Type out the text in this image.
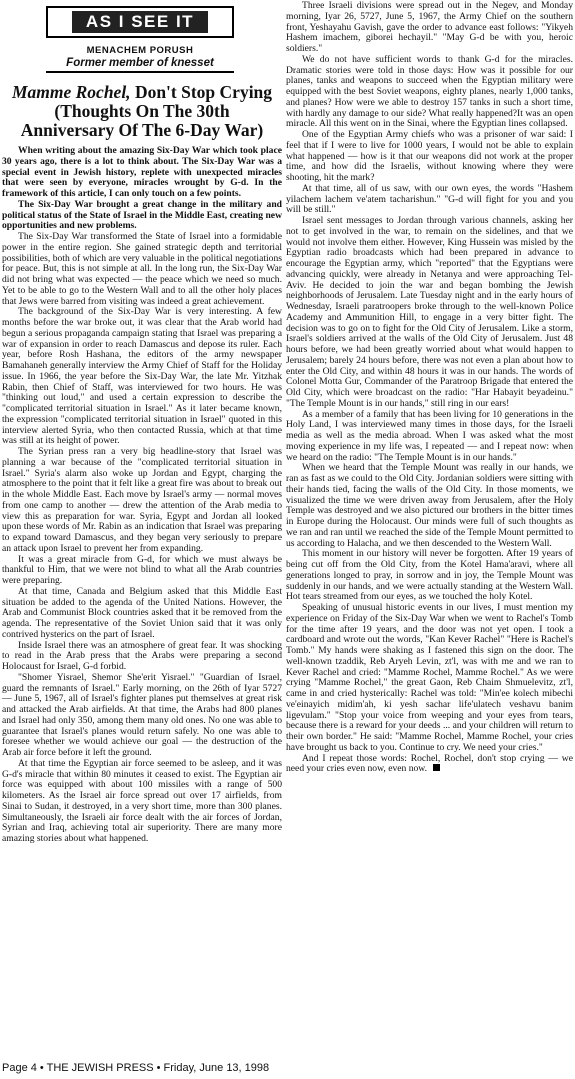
AS I SEE IT
MENACHEM PORUSH
Former member of knesset
Mamme Rochel, Don't Stop Crying
(Thoughts On The 30th
Anniversary Of The 6-Day War)

When writing about the amazing Six-Day War which took place 30 years ago, there is a lot to think about. The Six-Day War was a special event in Jewish history, replete with unexpected miracles that were seen by everyone, miracles wrought by G-d. In the framework of this article, I can only touch on a few points.

The Six-Day War brought a great change in the military and political status of the State of Israel in the Middle East, creating new opportunities and new problems.

The Six-Day War transformed the State of Israel into a formidable power in the entire region. She gained strategic depth and territorial possibilities, both of which are very valuable in the political negotiations for peace. But, this is not simple at all. In the long run, the Six-Day War did not bring what was expected — the peace which we need so much. Yet to be able to go to the Western Wall and to all the other holy places that Jews were barred from visiting was indeed a great achievement.

The background of the Six-Day War is very interesting. A few months before the war broke out, it was clear that the Arab world had begun a serious propaganda campaign stating that Israel was preparing a war of expansion in order to reach Damascus and depose its ruler. Each year, before Rosh Hashana, the editors of the army newspaper Bamahaneh generally interview the Army Chief of Staff for the Holiday issue. In 1966, the year before the Six-Day War, the late Mr. Yitzhak Rabin, then Chief of Staff, was interviewed for two hours. He was "thinking out loud," and used a certain expression to describe the "complicated territorial situation in Israel." As it later became known, the expression "complicated territorial situation in Israel" quoted in this interview alerted Syria, who then contacted Russia, which at that time was still at its height of power.

The Syrian press ran a very big headline-story that Israel was planning a war because of the "complicated territorial situation in Israel." Syria's alarm also woke up Jordan and Egypt, charging the atmosphere to the point that it felt like a great fire was about to break out in the whole Middle East. Each move by Israel's army — normal moves from one camp to another — drew the attention of the Arab media to view this as preparation for war. Syria, Egypt and Jordan all looked upon these words of Mr. Rabin as an indication that Israel was preparing to expand toward Damascus, and they began very seriously to prepare an attack upon Israel to prevent her from expanding.

It was a great miracle from G-d, for which we must always be thankful to Him, that we were not blind to what all the Arab countries were preparing.

At that time, Canada and Belgium asked that this Middle East situation be added to the agenda of the United Nations. However, the Arab and Communist Block countries asked that it be removed from the agenda. The representative of the Soviet Union said that it was only contrived hysterics on the part of Israel.

Inside Israel there was an atmosphere of great fear. It was shocking to read in the Arab press that the Arabs were preparing a second Holocaust for Israel, G-d forbid.

"Shomer Yisrael, Shemor She'erit Yisrael." "Guardian of Israel, guard the remnants of Israel." Early morning, on the 26th of Iyar 5727 — June 5, 1967, all of Israel's fighter planes put themselves at great risk and attacked the Arab airfields. At that time, the Arabs had 800 planes and Israel had only 350, among them many old ones. No one was able to guarantee that Israel's planes would return safely. No one was able to foresee whether we would achieve our goal — the destruction of the Arab air force before it left the ground.

At that time the Egyptian air force seemed to be asleep, and it was G-d's miracle that within 80 minutes it ceased to exist. The Egyptian air force was equipped with about 100 missiles with a range of 500 kilometers. As the Israel air force spread out over 17 airfields, from Sinai to Sudan, it destroyed, in a very short time, more than 300 planes. Simultaneously, the Israeli air force dealt with the air forces of Jordan, Syrian and Iraq, achieving total air superiority. There are many more amazing stories about what happened.

Three Israeli divisions were spread out in the Negev, and Monday morning, Iyar 26, 5727, June 5, 1967, the Army Chief on the southern front, Yeshayahu Gavish, gave the order to advance east follows: "Yikyeh Hashem imachem, giborei hechayil." "May G-d be with you, heroic soldiers."

We do not have sufficient words to thank G-d for the miracles. Dramatic stories were told in those days: How was it possible for our planes, tanks and weapons to succeed when the Egyptian military were equipped with the best Soviet weapons, eighty planes, nearly 1,000 tanks, and planes? How were we able to destroy 157 tanks in such a short time, with hardly any damage to our side? What really happened?It was an open miracle. All this went on in the Sinai, where the Egyptian lines collapsed.

One of the Egyptian Army chiefs who was a prisoner of war said: I feel that if I were to live for 1000 years, I would not be able to explain what happened — how is it that our weapons did not work at the proper time, and how did the Israelis, without knowing where they were shooting, hit the mark?

At that time, all of us saw, with our own eyes, the words "Hashem yilachem lachem ve'atem tacharishun." "G-d will fight for you and you will be still."

Israel sent messages to Jordan through various channels, asking her not to get involved in the war, to remain on the sidelines, and that we would not involve them either. However, King Hussein was misled by the Egyptian radio broadcasts which had been prepared in advance to encourage the Egyptian army, which "reported" that the Egyptians were advancing quickly, were already in Netanya and were approaching Tel-Aviv. He decided to join the war and began bombing the Jewish neighborhoods of Jerusalem. Late Tuesday night and in the early hours of Wednesday, Israeli paratroopers broke through to the well-known Police Academy and Ammunition Hill, to engage in a very bitter fight. The decision was to go on to fight for the Old City of Jerusalem. Like a storm, Israel's soldiers arrived at the walls of the Old City of Jerusalem. Just 48 hours before, we had been greatly worried about what would happen to Jerusalem; barely 24 hours before, there was not even a plan about how to enter the Old City, and within 48 hours it was in our hands. The words of Colonel Motta Gur, Commander of the Paratroop Brigade that entered the Old City, which were broadcast on the radio: "Har Habayit beyadeinu." "The Temple Mount is in our hands," still ring in our ears!

As a member of a family that has been living for 10 generations in the Holy Land, I was interviewed many times in those days, for the Israeli media as well as the media abroad. When I was asked what the most moving experience in my life was, I repeated — and I repeat now: when we heard on the radio: "The Temple Mount is in our hands."

When we heard that the Temple Mount was really in our hands, we ran as fast as we could to the Old City. Jordanian soldiers were sitting with their hands tied, facing the walls of the Old City. In those moments, we visualized the time we were driven away from Jerusalem, after the Holy Temple was destroyed and we also pictured our brothers in the bitter times in Europe during the Holocaust. Our minds were full of such thoughts as we ran and ran until we reached the side of the Temple Mount permitted to us according to Halacha, and we then descended to the Western Wall.

This moment in our history will never be forgotten. After 19 years of being cut off from the Old City, from the Kotel Hama'aravi, where all generations longed to pray, in sorrow and in joy, the Temple Mount was suddenly in our hands, and we were actually standing at the Western Wall. Hot tears streamed from our eyes, as we touched the holy Kotel.

Speaking of unusual historic events in our lives, I must mention my experience on Friday of the Six-Day War when we went to Rachel's Tomb for the time after 19 years, and the door was not yet open. I took a cardboard and wrote out the words, "Kan Kever Rachel" "Here is Rachel's Tomb." My hands were shaking as I fastened this sign on the door. The well-known tzaddik, Reb Aryeh Levin, zt'l, was with me and we ran to Kever Rachel and cried: "Mamme Rochel, Mamme Rochel." As we were crying "Mamme Rochel," the great Gaon, Reb Chaim Shmuelevitz, zt'l, came in and cried hysterically: Rachel was told: "Min'ee kolech mibechi ve'einayich midim'ah, ki yesh sachar life'ulatech veshavu banim ligevulam." "Stop your voice from weeping and your eyes from tears, because there is a reward for your deeds ... and your children will return to their own border." He said: "Mamme Rochel, Mamme Rochel, your cries have brought us back to you. Continue to cry. We need your cries."

And I repeat those words: Rochel, Rochel, don't stop crying — we need your cries even now, even now.

Page 4 • THE JEWISH PRESS • Friday, June 13, 1998
